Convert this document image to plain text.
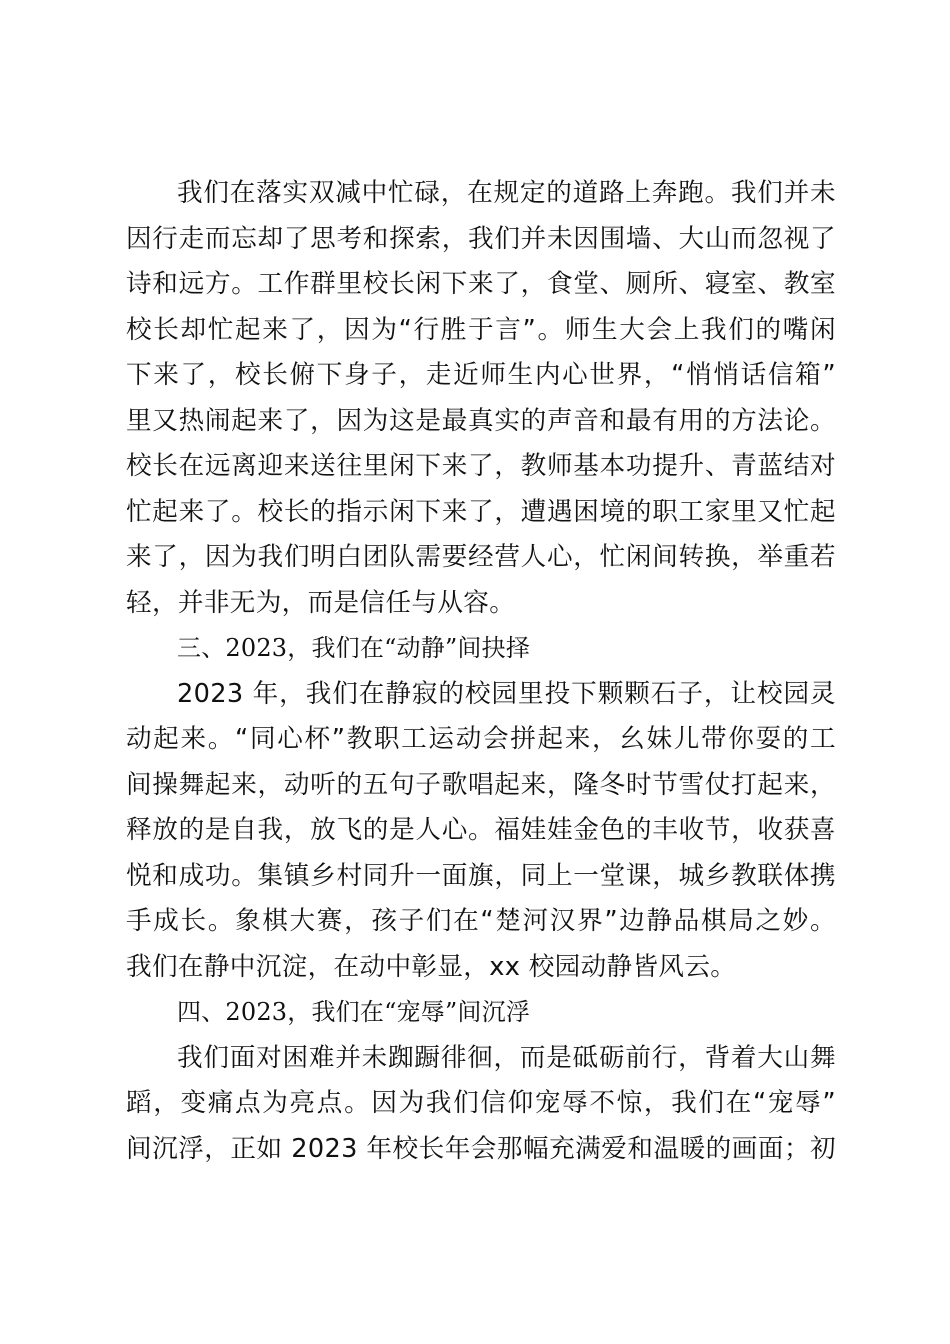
我们在落实双减中忙碌，在规定的道路上奔跑。我们并未
因行走而忘却了思考和探索，我们并未因围墙、大山而忽视了
诗和远方。工作群里校长闲下来了，食堂、厕所、寝室、教室
校长却忙起来了，因为“行胜于言”。师生大会上我们的嘴闲
下来了，校长俯下身子，走近师生内心世界，“悄悄话信箱”
里又热闹起来了，因为这是最真实的声音和最有用的方法论。
校长在远离迎来送往里闲下来了，教师基本功提升、青蓝结对
忙起来了。校长的指示闲下来了，遭遇困境的职工家里又忙起
来了，因为我们明白团队需要经营人心，忙闲间转换，举重若
轻，并非无为，而是信任与从容。
三、2023，我们在“动静”间抉择
2023 年，我们在静寂的校园里投下颗颗石子，让校园灵
动起来。“同心杯”教职工运动会拼起来，幺妹儿带你耍的工
间操舞起来，动听的五句子歌唱起来，隆冬时节雪仗打起来，
释放的是自我，放飞的是人心。福娃娃金色的丰收节，收获喜
悦和成功。集镇乡村同升一面旗，同上一堂课，城乡教联体携
手成长。象棋大赛，孩子们在“楚河汉界”边静品棋局之妙。
我们在静中沉淀，在动中彰显，xx 校园动静皆风云。
四、2023，我们在“宠辱”间沉浮
我们面对困难并未踟蹰徘徊，而是砥砺前行，背着大山舞
蹈，变痛点为亮点。因为我们信仰宠辱不惊，我们在“宠辱”
间沉浮，正如 2023 年校长年会那幅充满爱和温暖的画面；初
